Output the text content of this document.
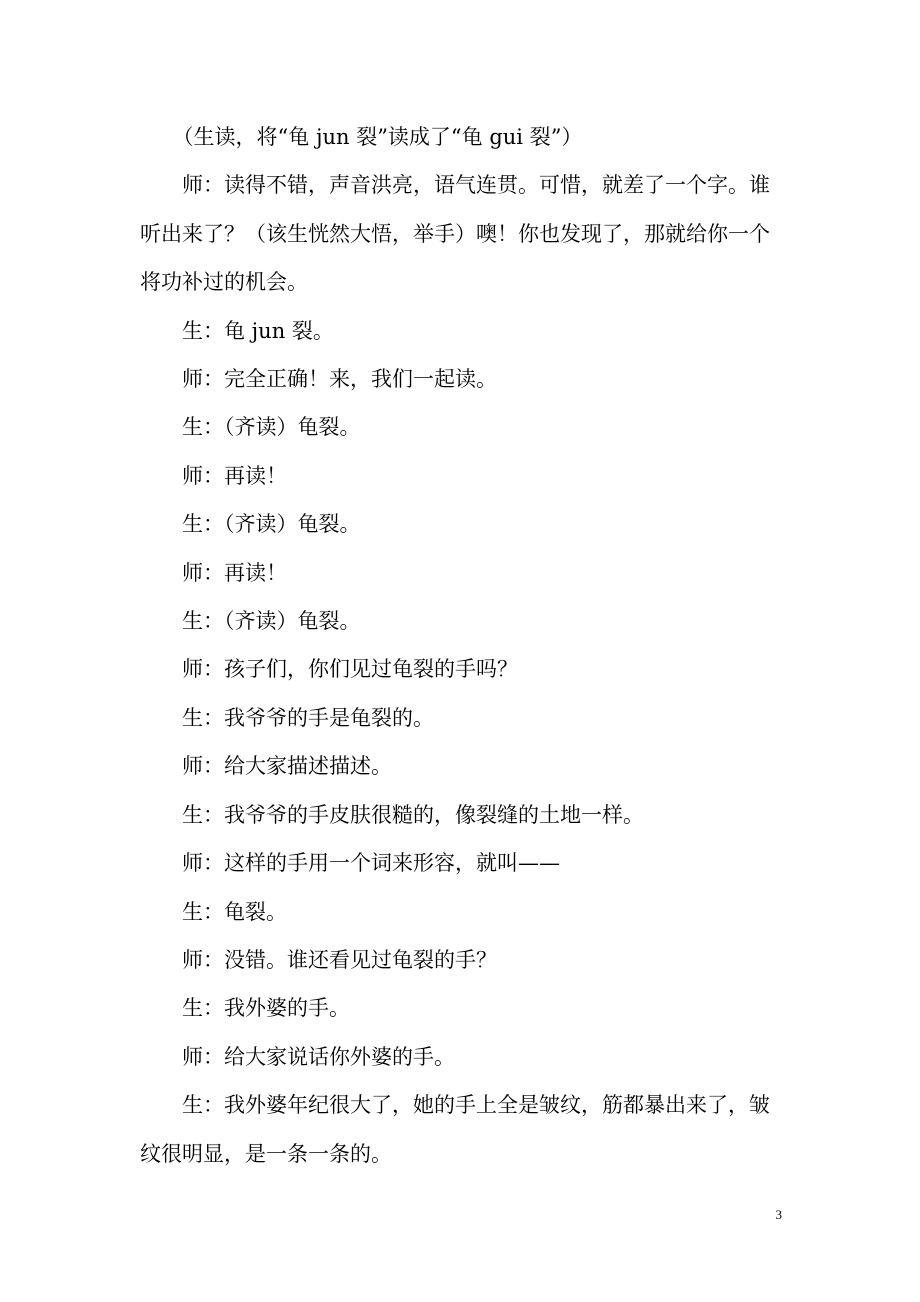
（生读，将“龟 jun 裂”读成了“龟 gui 裂”）

师：读得不错，声音洪亮，语气连贯。可惜，就差了一个字。谁听出来了？（该生恍然大悟，举手）噢！你也发现了，那就给你一个将功补过的机会。

生：龟 jun 裂。

师：完全正确！来，我们一起读。

生：（齐读）龟裂。

师：再读！

生：（齐读）龟裂。

师：再读！

生：（齐读）龟裂。

师：孩子们，你们见过龟裂的手吗？

生：我爷爷的手是龟裂的。

师：给大家描述描述。

生：我爷爷的手皮肤很糙的，像裂缝的土地一样。

师：这样的手用一个词来形容，就叫——

生：龟裂。

师：没错。谁还看见过龟裂的手？

生：我外婆的手。

师：给大家说话你外婆的手。

生：我外婆年纪很大了，她的手上全是皱纹，筋都暴出来了，皱纹很明显，是一条一条的。

3
